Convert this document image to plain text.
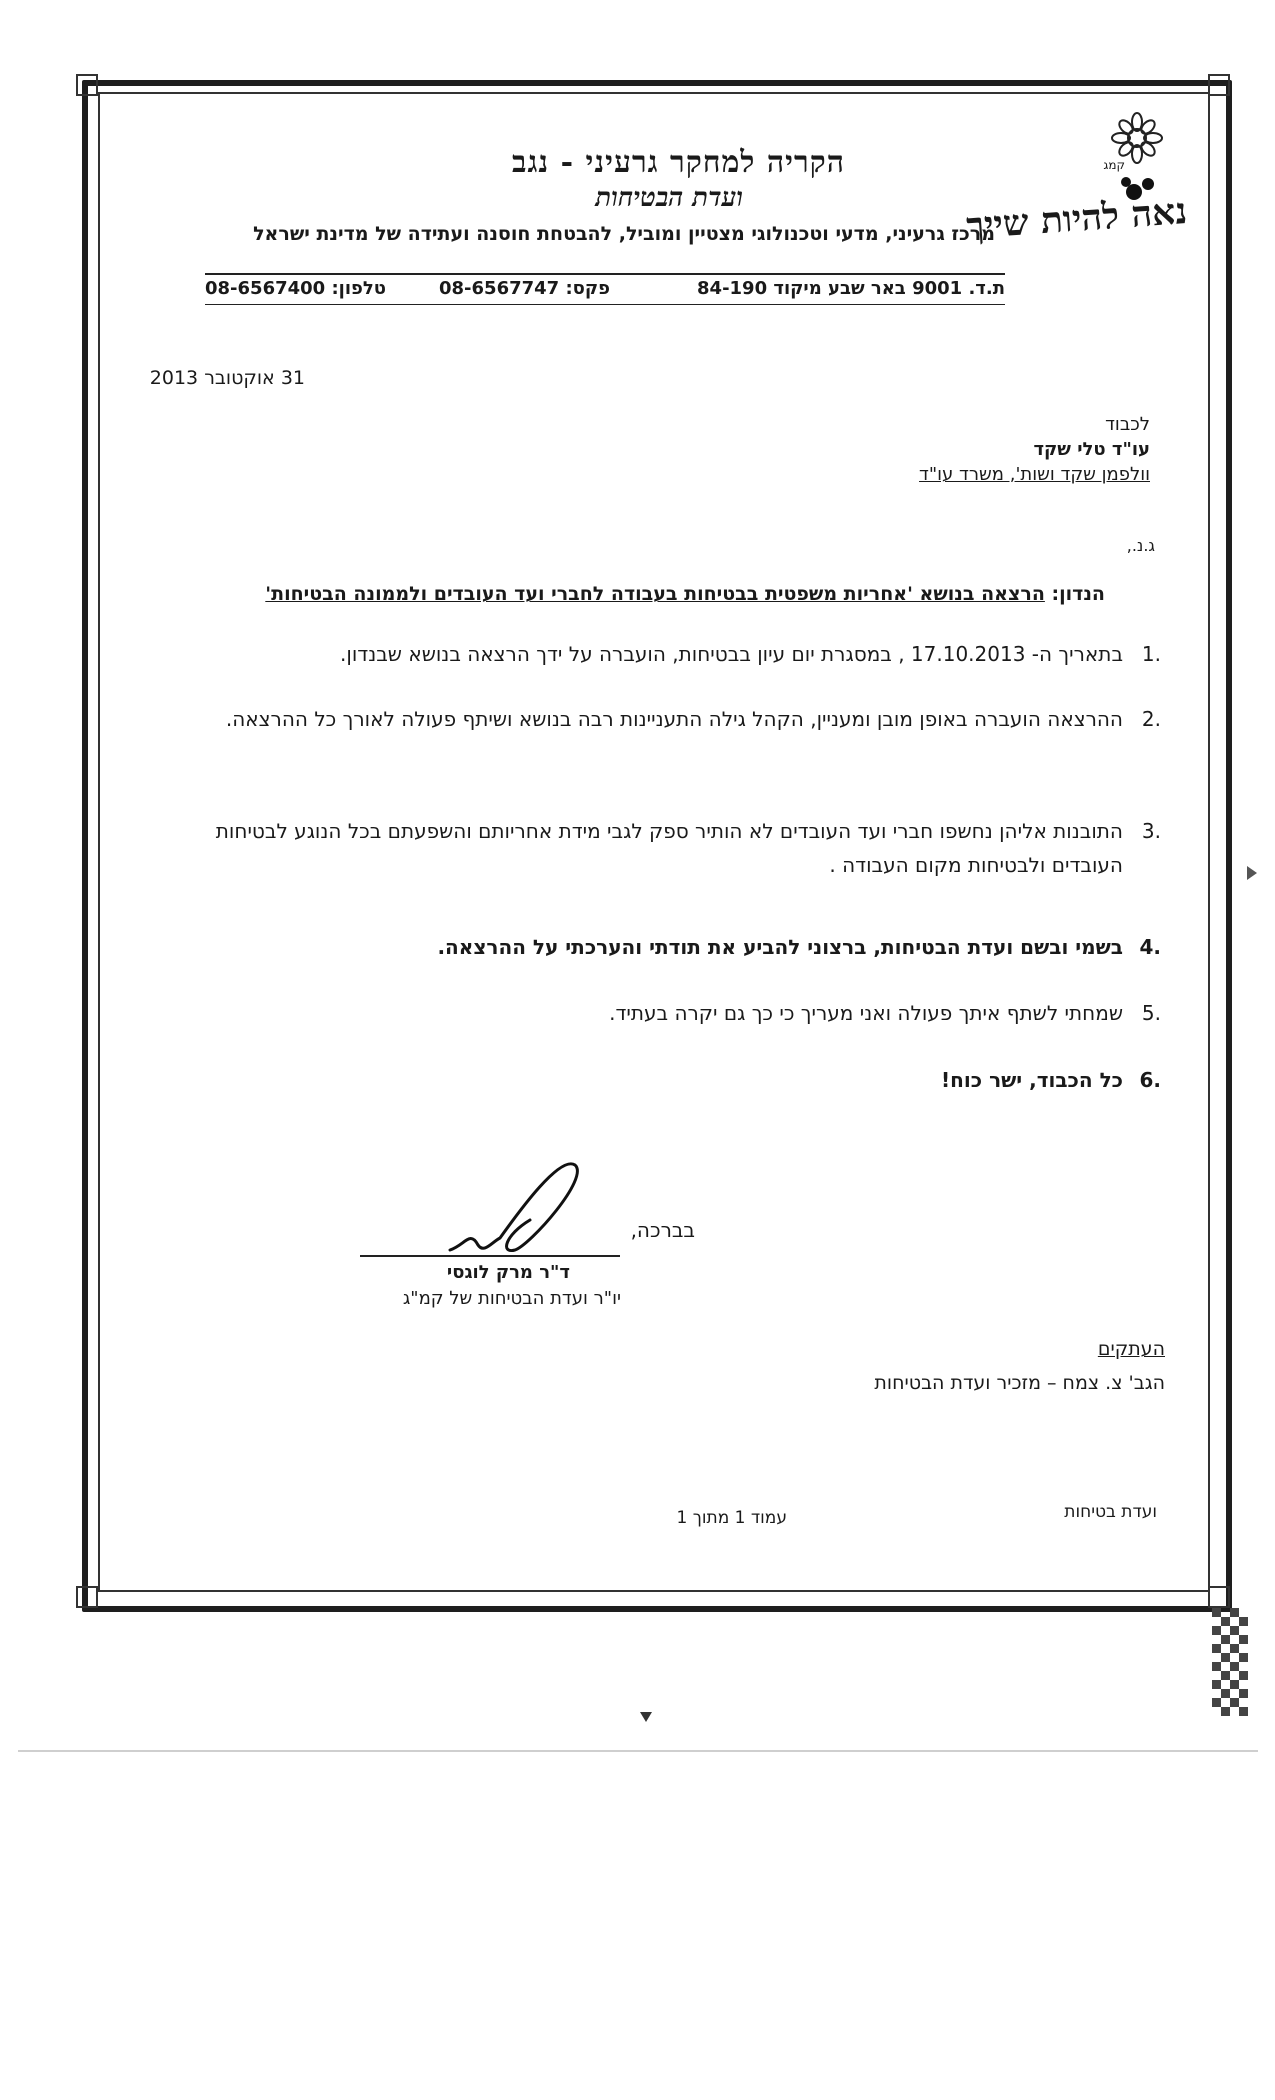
קמג
נאה להיות שייך
הקריה למחקר גרעיני - נגב
ועדת הבטיחות
מרכז גרעיני, מדעי וטכנולוגי מצטיין ומוביל, להבטחת חוסנה ועתידה של מדינת ישראל
ת.ד. 9001 באר שבע מיקוד 84-190
פקס: 08-6567747
טלפון: 08-6567400
31 אוקטובר 2013
לכבוד
עו"ד טלי שקד
וולפמן שקד ושות', משרד עו"ד
ג.נ.,
הנדון: הרצאה בנושא 'אחריות משפטית בבטיחות בעבודה לחברי ועד העובדים ולממונה הבטיחות'
.1
בתאריך ה- 17.10.2013 , במסגרת יום עיון בבטיחות, הועברה על ידך הרצאה בנושא שבנדון.
.2
ההרצאה הועברה באופן מובן ומעניין, הקהל גילה התעניינות רבה בנושא ושיתף פעולה לאורך כל ההרצאה.
.3
התובנות אליהן נחשפו חברי ועד העובדים לא הותיר ספק לגבי מידת אחריותם והשפעתם בכל הנוגע לבטיחות העובדים ולבטיחות מקום העבודה .
.4
בשמי ובשם ועדת הבטיחות, ברצוני להביע את תודתי והערכתי על ההרצאה.
.5
שמחתי לשתף איתך פעולה ואני מעריך כי כך גם יקרה בעתיד.
.6
כל הכבוד, ישר כוח!
בברכה,
ד"ר מרק לוגסי
יו"ר ועדת הבטיחות של קמ"ג
העתקים
הגב' צ. צמח – מזכיר ועדת הבטיחות
ועדת בטיחות
עמוד 1 מתוך 1
